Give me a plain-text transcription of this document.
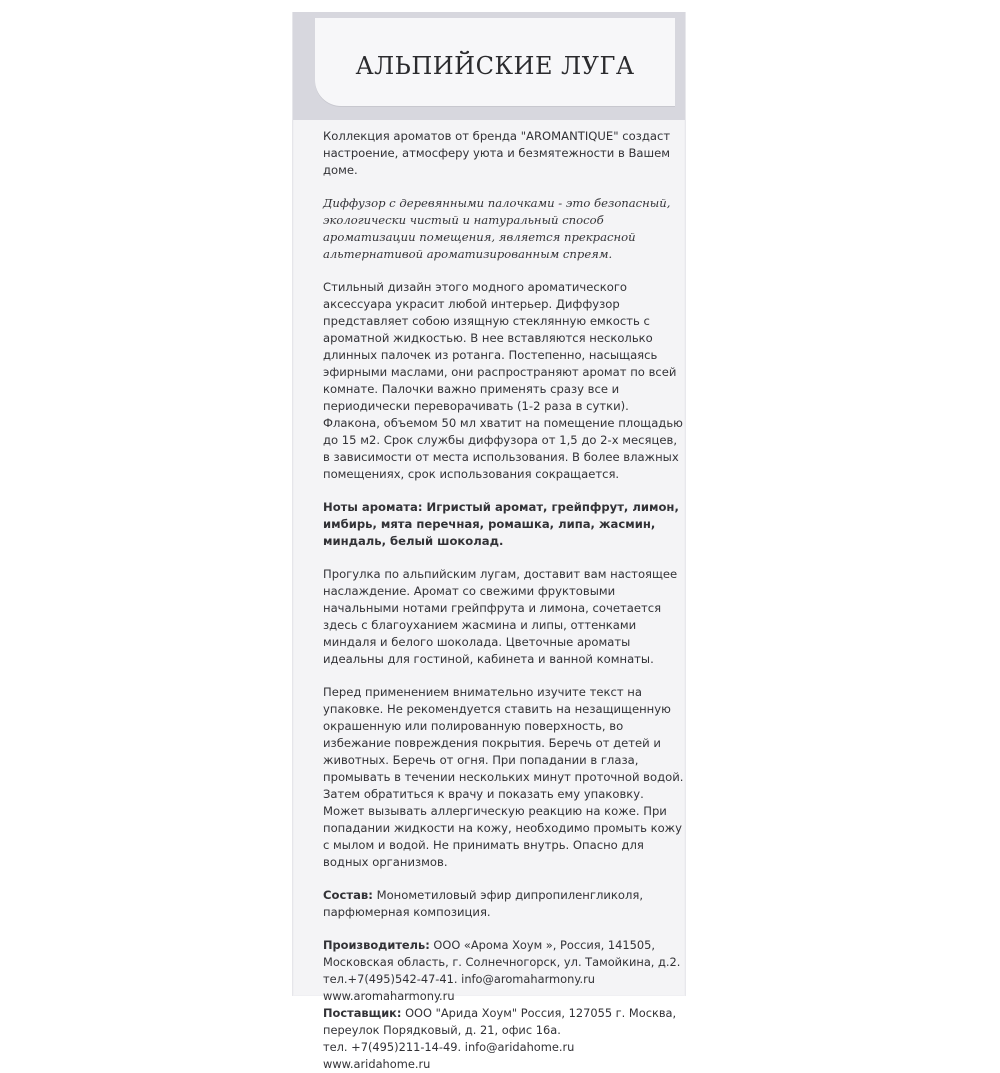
АЛЬПИЙСКИЕ ЛУГА

Коллекция ароматов от бренда "AROMANTIQUE" создаст настроение, атмосферу уюта и безмятежности в Вашем доме.

Диффузор с деревянными палочками - это безопасный, экологически чистый и натуральный способ ароматизации помещения, является прекрасной альтернативой ароматизированным спреям.

Стильный дизайн этого модного ароматического аксессуара украсит любой интерьер. Диффузор представляет собою изящную стеклянную емкость с ароматной жидкостью. В нее вставляются несколько длинных палочек из ротанга. Постепенно, насыщаясь эфирными маслами, они распространяют аромат по всей комнате. Палочки важно применять сразу все и периодически переворачивать (1-2 раза в сутки). Флакона, объемом 50 мл хватит на помещение площадью до 15 м2. Срок службы диффузора от 1,5 до 2-х месяцев, в зависимости от места использования. В более влажных помещениях, срок использования сокращается.

Ноты аромата: Игристый аромат, грейпфрут, лимон, имбирь, мята перечная, ромашка, липа, жасмин, миндаль, белый шоколад.

Прогулка по альпийским лугам, доставит вам настоящее наслаждение. Аромат со свежими фруктовыми начальными нотами грейпфрута и лимона, сочетается здесь с благоуханием жасмина и липы, оттенками миндаля и белого шоколада. Цветочные ароматы идеальны для гостиной, кабинета и ванной комнаты.

Перед применением внимательно изучите текст на упаковке. Не рекомендуется ставить на незащищенную окрашенную или полированную поверхность, во избежание повреждения покрытия. Беречь от детей и животных. Беречь от огня. При попадании в глаза, промывать в течении нескольких минут проточной водой. Затем обратиться к врачу и показать ему упаковку. Может вызывать аллергическую реакцию на коже. При попадании жидкости на кожу, необходимо промыть кожу с мылом и водой. Не принимать внутрь. Опасно для водных организмов.

Состав: Монометиловый эфир дипропиленгликоля, парфюмерная композиция.

Производитель: ООО «Арома Хоум », Россия, 141505,
Московская область, г. Солнечногорск, ул. Тамойкина, д.2.
тел.+7(495)542-47-41. info@aromaharmony.ru
www.aromaharmony.ru
Поставщик: ООО "Арида Хоум" Россия, 127055 г. Москва,
переулок Порядковый, д. 21, офис 16а.
тел. +7(495)211-14-49. info@aridahome.ru
www.aridahome.ru
